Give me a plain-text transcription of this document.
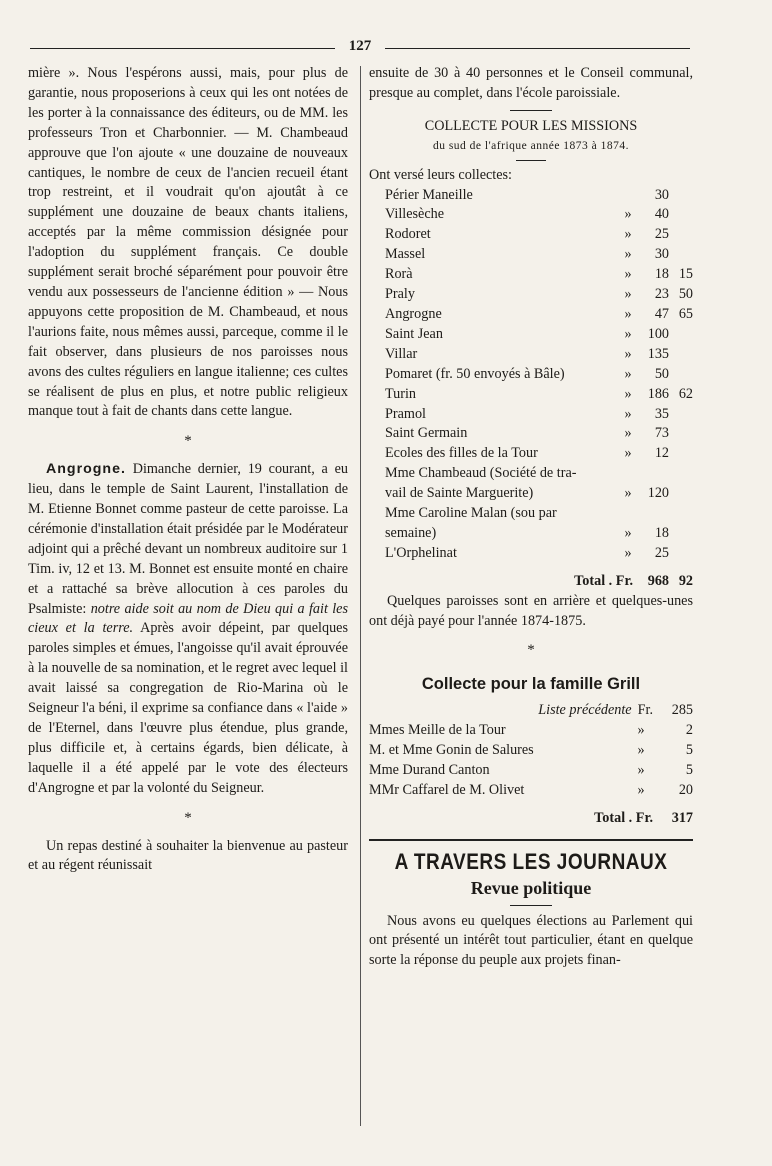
127

mière ». Nous l'espérons aussi, mais, pour plus de garantie, nous proposerions à ceux qui les ont notées de les porter à la connaissance des éditeurs, ou de MM. les professeurs Tron et Charbonnier. — M. Chambeaud approuve que l'on ajoute « une douzaine de nouveaux cantiques, le nombre de ceux de l'ancien recueil étant trop restreint, et il voudrait qu'on ajoutât à ce supplément une douzaine de beaux chants italiens, acceptés par la même commission désignée pour l'adoption du supplément français. Ce double supplément serait broché séparément pour pouvoir être vendu aux possesseurs de l'ancienne édition » — Nous appuyons cette proposition de M. Chambeaud, et nous l'aurions faite, nous mêmes aussi, parceque, comme il le fait observer, dans plusieurs de nos paroisses nous avons des cultes réguliers en langue italienne; ces cultes se réalisent de plus en plus, et notre public religieux manque tout à fait de chants dans cette langue.

*

Angrogne. Dimanche dernier, 19 courant, a eu lieu, dans le temple de Saint Laurent, l'installation de M. Etienne Bonnet comme pasteur de cette paroisse. La cérémonie d'installation était présidée par le Modérateur adjoint qui a prêché devant un nombreux auditoire sur 1 Tim. iv, 12 et 13. M. Bonnet est ensuite monté en chaire et a rattaché sa brève allocution à ces paroles du Psalmiste: notre aide soit au nom de Dieu qui a fait les cieux et la terre. Après avoir dépeint, par quelques paroles simples et émues, l'angoisse qu'il avait éprouvée à la nouvelle de sa nomination, et le regret avec lequel il avait laissé sa congregation de Rio-Marina où le Seigneur l'a béni, il exprime sa confiance dans « l'aide » de l'Eternel, dans l'œuvre plus étendue, plus grande, plus difficile et, à certains égards, bien délicate, à laquelle il a été appelé par le vote des électeurs d'Angrogne et par la volonté du Seigneur.

*

Un repas destiné à souhaiter la bienvenue au pasteur et au régent réunissait

ensuite de 30 à 40 personnes et le Conseil communal, presque au complet, dans l'école paroissiale.

COLLECTE POUR LES MISSIONS
du sud de l'afrique année 1873 à 1874.
Ont versé leurs collectes:
Périer Maneille	30
Villesèche	»	40
Rodoret	»	25
Massel	»	30
Rorà	»	18 15
Praly	»	23 50
Angrogne	»	47 65
Saint Jean	»	100
Villar	»	135
Pomaret (fr. 50 envoyés à Bâle)	»	50
Turin	»	186 62
Pramol	»	35
Saint Germain	»	73
Ecoles des filles de la Tour	»	12
Mme Chambeaud (Société de tra-
vail de Sainte Marguerite)	»	120
Mme Caroline Malan (sou par
semaine)	»	18
L'Orphelinat	»	25
Total . Fr.	968 92

Quelques paroisses sont en arrière et quelques-unes ont déjà payé pour l'année 1874-1875.

*
Collecte pour la famille Grill
Liste précédente Fr.	285
Mmes Meille de la Tour	»	2
M. et Mme Gonin de Salures	»	5
Mme Durand Canton	»	5
MMr Caffarel de M. Olivet	»	20
Total . Fr.	317
A TRAVERS LES JOURNAUX
Revue politique

Nous avons eu quelques élections au Parlement qui ont présenté un intérêt tout particulier, étant en quelque sorte la réponse du peuple aux projets finan-
